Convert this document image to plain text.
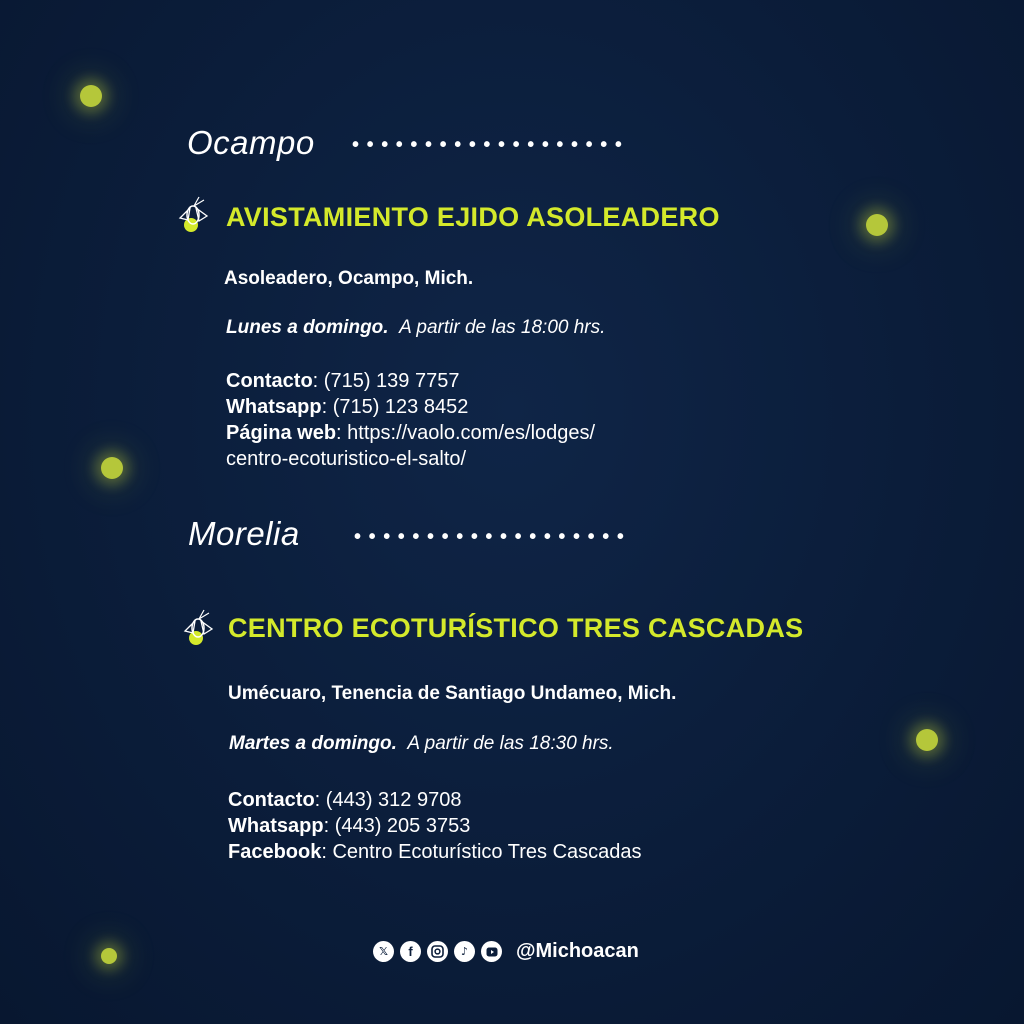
Ocampo •••••••••••••••••••
AVISTAMIENTO EJIDO ASOLEADERO
Asoleadero, Ocampo, Mich.
Lunes a domingo. A partir de las 18:00 hrs.
Contacto: (715) 139 7757
Whatsapp: (715) 123 8452
Página web: https://vaolo.com/es/lodges/
centro-ecoturistico-el-salto/
Morelia	•••••••••••••••••••
CENTRO ECOTURÍSTICO TRES CASCADAS
Umécuaro, Tenencia de Santiago Undameo, Mich.
Martes a domingo. A partir de las 18:30 hrs.
Contacto: (443) 312 9708
Whatsapp: (443) 205 3753
Facebook: Centro Ecoturístico Tres Cascadas
𝕏	f	♪	@Michoacan
